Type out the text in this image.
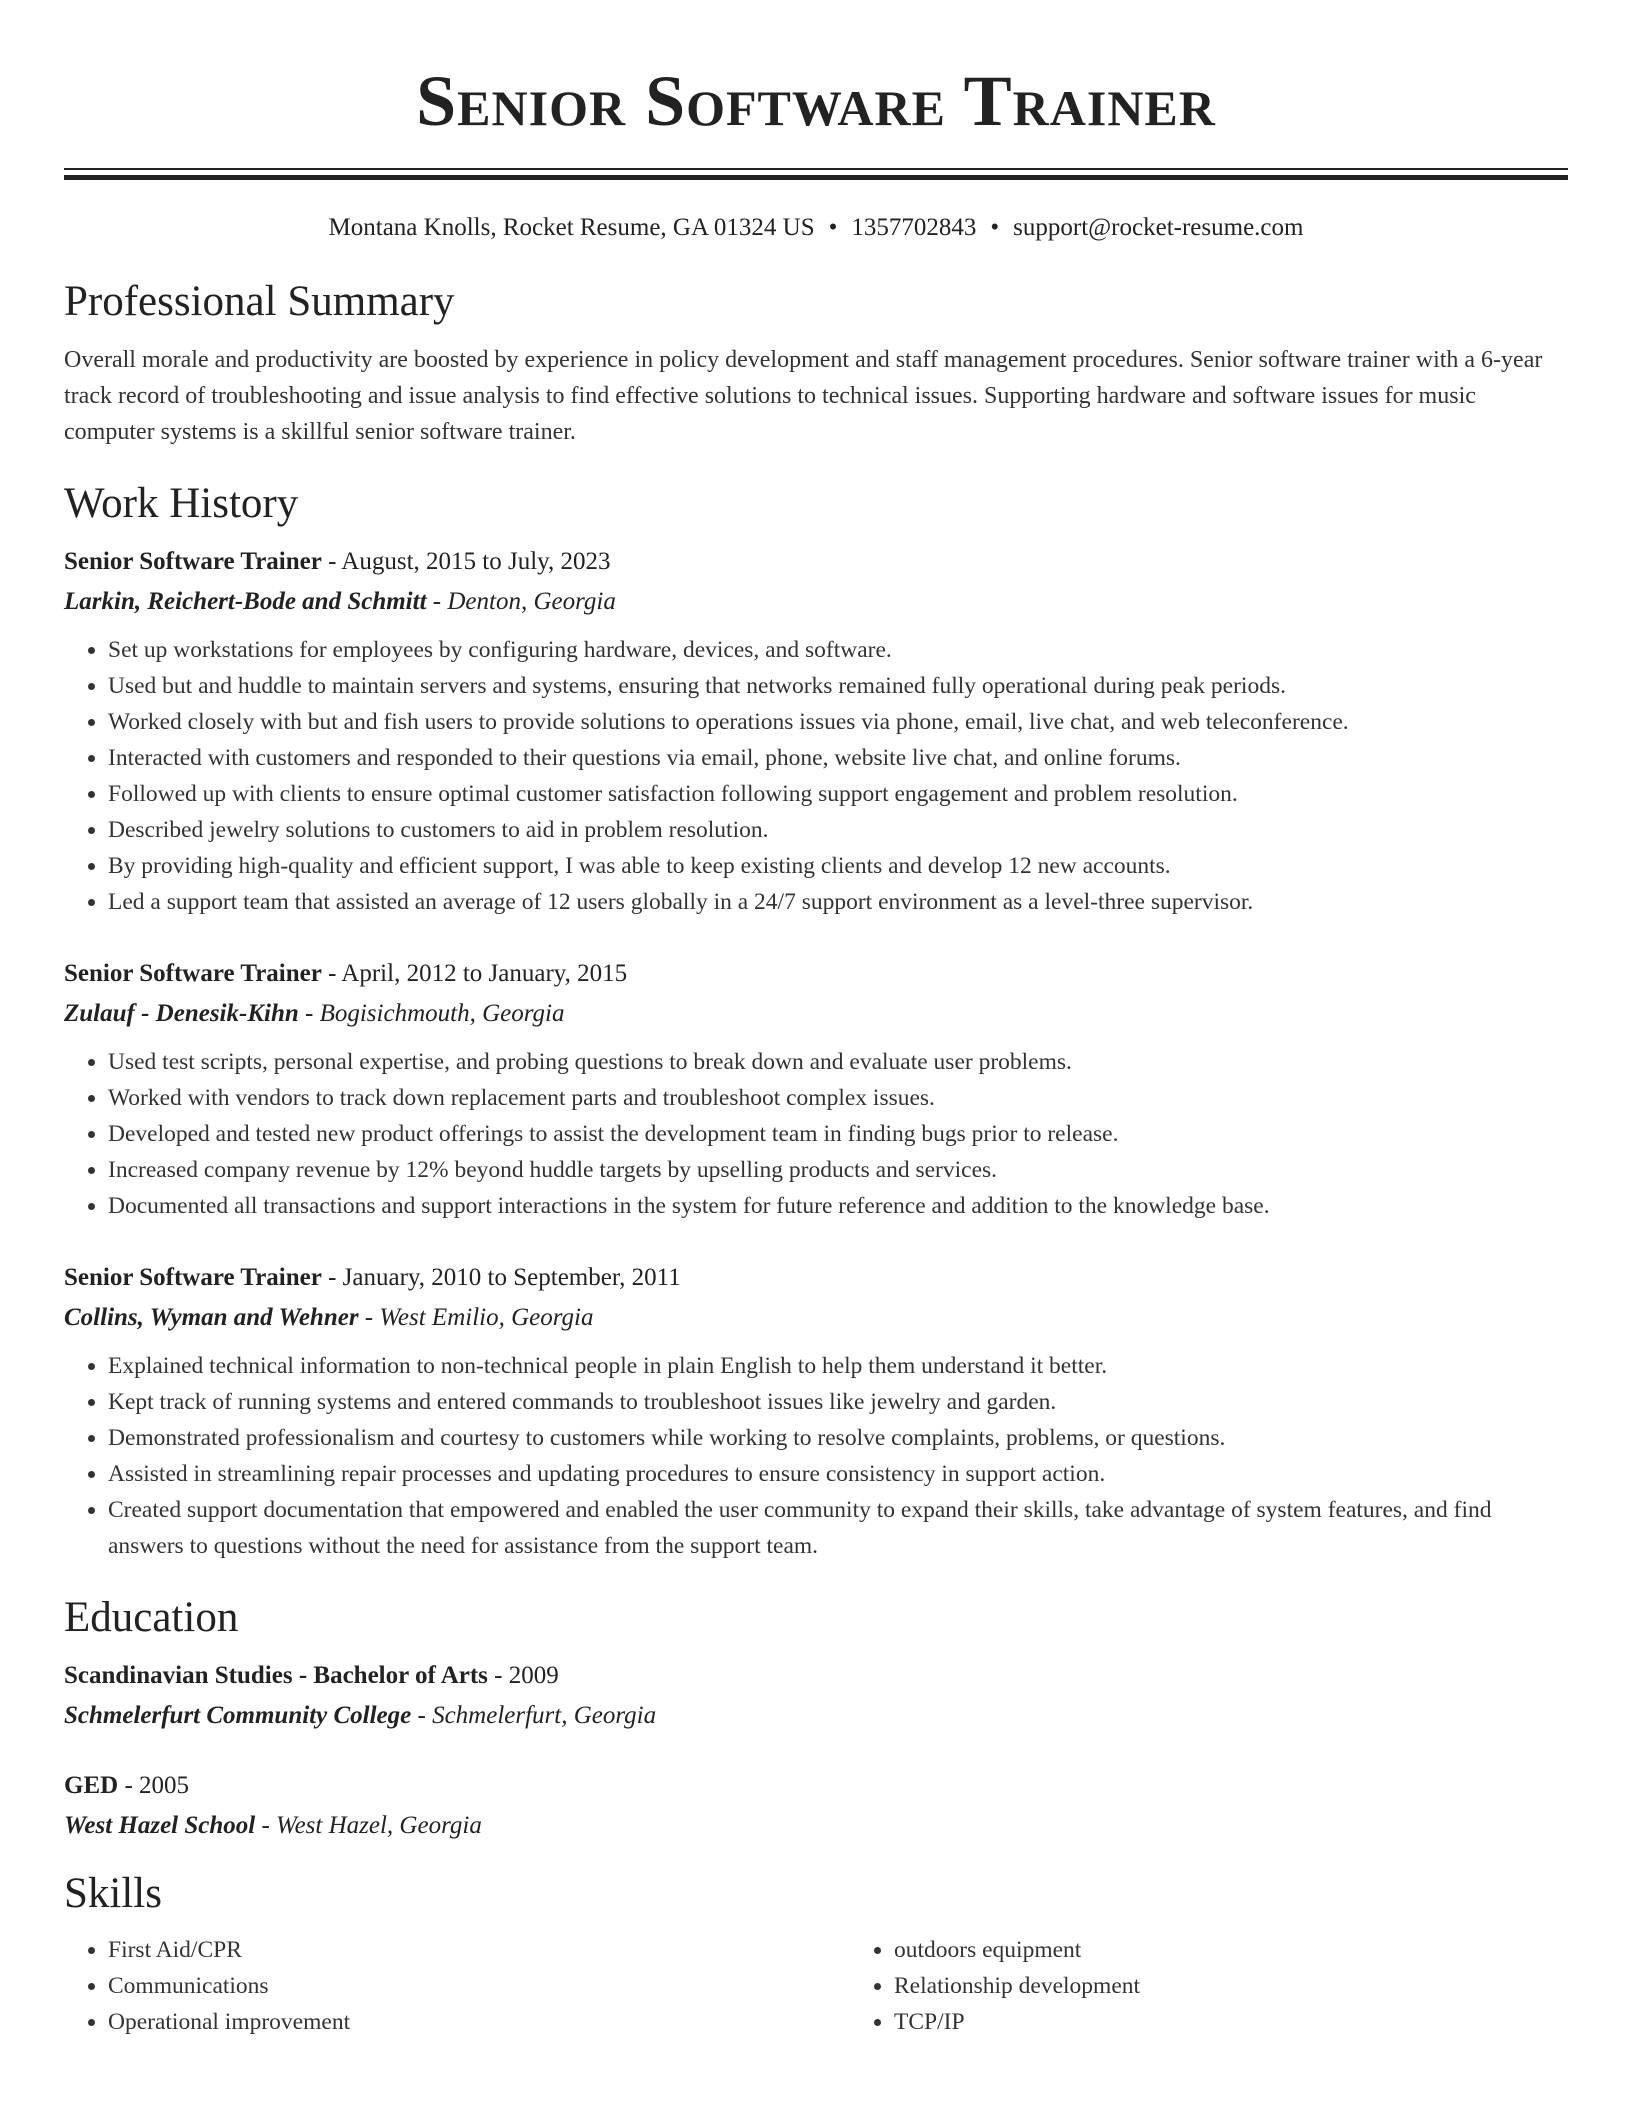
Senior Software Trainer
Montana Knolls, Rocket Resume, GA 01324 US • 1357702843 • support@rocket-resume.com
Professional Summary

Overall morale and productivity are boosted by experience in policy development and staff management procedures. Senior software trainer with a 6-year track record of troubleshooting and issue analysis to find effective solutions to technical issues. Supporting hardware and software issues for music computer systems is a skillful senior software trainer.

Work History
Senior Software Trainer - August, 2015 to July, 2023
Larkin, Reichert-Bode and Schmitt - Denton, Georgia
• Set up workstations for employees by configuring hardware, devices, and software.
• Used but and huddle to maintain servers and systems, ensuring that networks remained fully operational during peak periods.
• Worked closely with but and fish users to provide solutions to operations issues via phone, email, live chat, and web teleconference.
• Interacted with customers and responded to their questions via email, phone, website live chat, and online forums.
• Followed up with clients to ensure optimal customer satisfaction following support engagement and problem resolution.
• Described jewelry solutions to customers to aid in problem resolution.
• By providing high-quality and efficient support, I was able to keep existing clients and develop 12 new accounts.
• Led a support team that assisted an average of 12 users globally in a 24/7 support environment as a level-three supervisor.
Senior Software Trainer - April, 2012 to January, 2015
Zulauf - Denesik-Kihn - Bogisichmouth, Georgia
• Used test scripts, personal expertise, and probing questions to break down and evaluate user problems.
• Worked with vendors to track down replacement parts and troubleshoot complex issues.
• Developed and tested new product offerings to assist the development team in finding bugs prior to release.
• Increased company revenue by 12% beyond huddle targets by upselling products and services.
• Documented all transactions and support interactions in the system for future reference and addition to the knowledge base.
Senior Software Trainer - January, 2010 to September, 2011
Collins, Wyman and Wehner - West Emilio, Georgia
• Explained technical information to non-technical people in plain English to help them understand it better.
• Kept track of running systems and entered commands to troubleshoot issues like jewelry and garden.
• Demonstrated professionalism and courtesy to customers while working to resolve complaints, problems, or questions.
• Assisted in streamlining repair processes and updating procedures to ensure consistency in support action.
• Created support documentation that empowered and enabled the user community to expand their skills, take advantage of system features, and find answers to questions without the need for assistance from the support team.
Education
Scandinavian Studies - Bachelor of Arts - 2009
Schmelerfurt Community College - Schmelerfurt, Georgia
GED - 2005
West Hazel School - West Hazel, Georgia
Skills
• First Aid/CPR
• Communications
• Operational improvement
• outdoors equipment
• Relationship development
• TCP/IP
